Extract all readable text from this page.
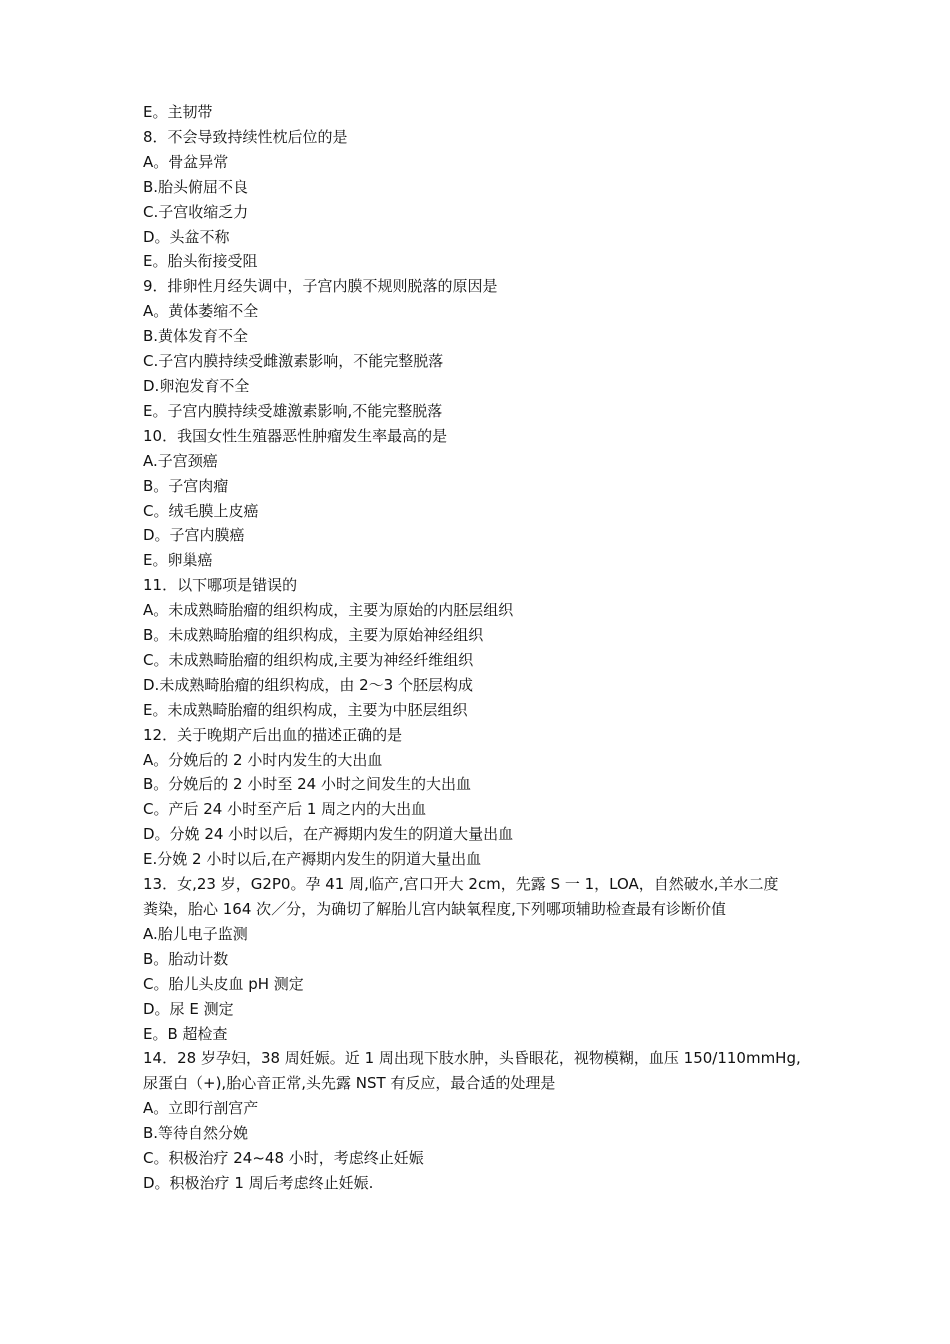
E。主韧带
8．不会导致持续性枕后位的是
A。骨盆异常
B.胎头俯屈不良
C.子宫收缩乏力
D。头盆不称
E。胎头衔接受阻
9．排卵性月经失调中，子宫内膜不规则脱落的原因是
A。黄体萎缩不全
B.黄体发育不全
C.子宫内膜持续受雌激素影响，不能完整脱落
D.卵泡发育不全
E。子宫内膜持续受雄激素影响,不能完整脱落
10．我国女性生殖器恶性肿瘤发生率最高的是
A.子宫颈癌
B。子宫肉瘤
C。绒毛膜上皮癌
D。子宫内膜癌
E。卵巢癌
11．以下哪项是错误的
A。未成熟畸胎瘤的组织构成，主要为原始的内胚层组织
B。未成熟畸胎瘤的组织构成，主要为原始神经组织
C。未成熟畸胎瘤的组织构成,主要为神经纤维组织
D.未成熟畸胎瘤的组织构成，由 2～3 个胚层构成
E。未成熟畸胎瘤的组织构成，主要为中胚层组织
12．关于晚期产后出血的描述正确的是
A。分娩后的 2 小时内发生的大出血
B。分娩后的 2 小时至 24 小时之间发生的大出血
C。产后 24 小时至产后 1 周之内的大出血
D。分娩 24 小时以后，在产褥期内发生的阴道大量出血
E.分娩 2 小时以后,在产褥期内发生的阴道大量出血
13．女,23 岁，G2P0。孕 41 周,临产,宫口开大 2cm，先露 S 一 1，LOA，自然破水,羊水二度
粪染，胎心 164 次／分，为确切了解胎儿宫内缺氧程度,下列哪项辅助检查最有诊断价值
A.胎儿电子监测
B。胎动计数
C。胎儿头皮血 pH 测定
D。尿 E 测定
E。B 超检查
14．28 岁孕妇，38 周妊娠。近 1 周出现下肢水肿，头昏眼花，视物模糊，血压 150/110mmHg,
尿蛋白（+),胎心音正常,头先露 NST 有反应，最合适的处理是
A。立即行剖宫产
B.等待自然分娩
C。积极治疗 24~48 小时，考虑终止妊娠
D。积极治疗 1 周后考虑终止妊娠.
